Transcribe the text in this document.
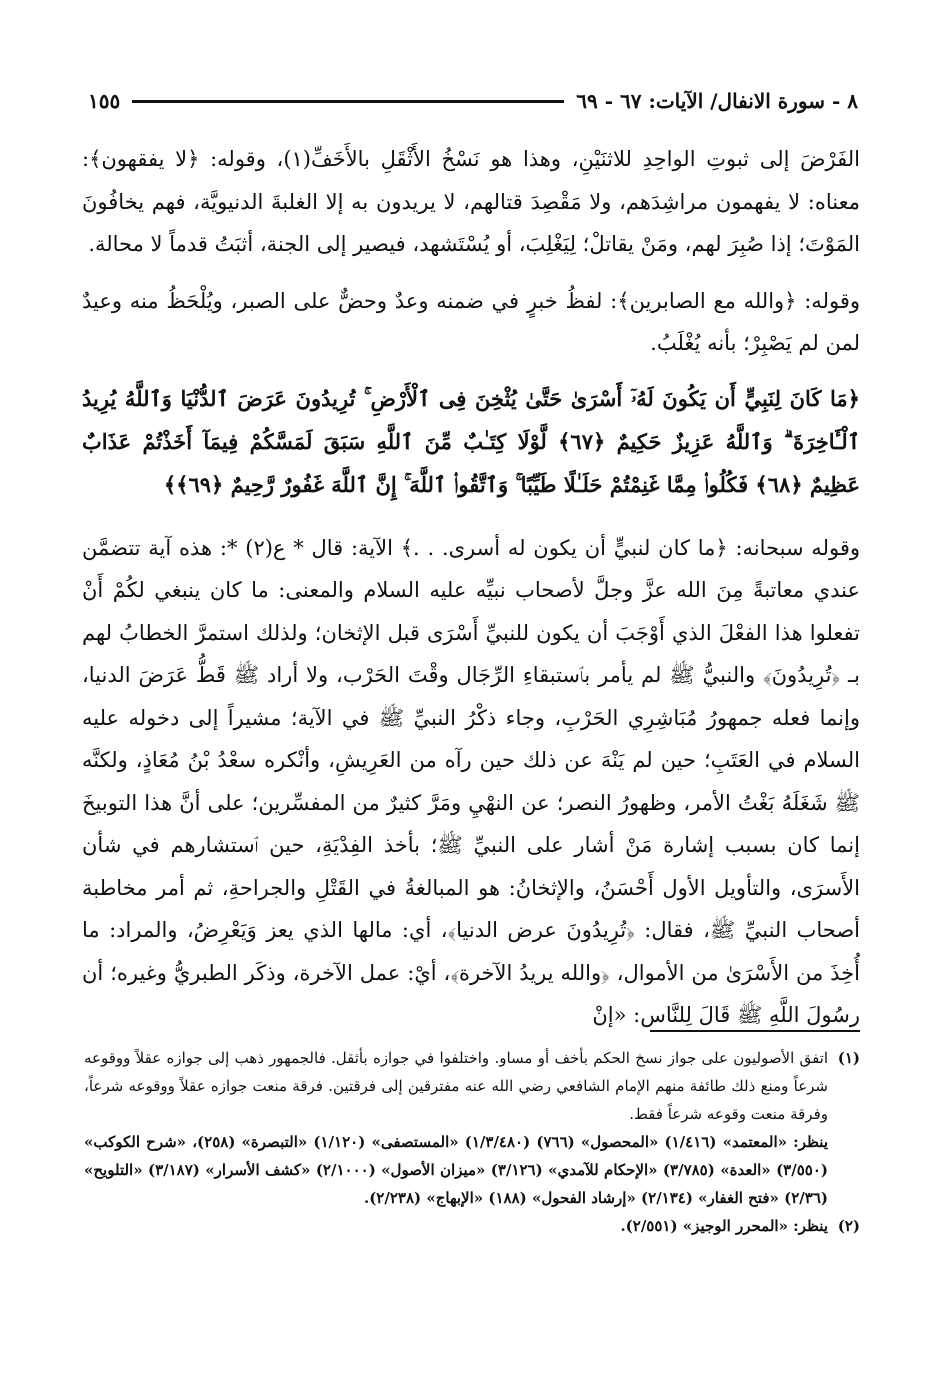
٨ - سورة الانفال/ الآيات: ٦٧ - ٦٩
١٥٥

الفَرْضَ إلى ثبوتِ الواحِدِ للاثنَيْنِ، وهذا هو نَسْخُ الأَثْقَلِ بالأَخَفِّ(١)، وقوله: ﴿لا يفقهون﴾: معناه: لا يفهمون مراشِدَهم، ولا مَقْصِدَ قتالهم، لا يريدون به إلا الغلبةَ الدنيويَّة، فهم يخافُونَ المَوْتَ؛ إذا صُبِرَ لهم، ومَنْ يقاتلْ؛ لِيَغْلِبَ، أو يُسْتَشهد، فيصير إلى الجنة، أثبَتُ قدماً لا محالة.

وقوله: ﴿والله مع الصابرين﴾: لفظُ خبرٍ في ضمنه وعدٌ وحضٌّ على الصبر، ويُلْحَظُ منه وعيدٌ لمن لم يَصْبِرْ؛ بأنه يُغْلَبُ.

﴿مَا كَانَ لِنَبِيٍّ أَن يَكُونَ لَهُۥٓ أَسْرَىٰ حَتَّىٰ يُثْخِنَ فِى ٱلْأَرْضِ ۚ تُرِيدُونَ عَرَضَ ٱلدُّنْيَا وَٱللَّهُ يُرِيدُ ٱلْـَٔاخِرَةَ ۗ وَٱللَّهُ عَزِيزٌ حَكِيمٌ ﴿٦٧﴾ لَّوْلَا كِتَـٰبٌ مِّنَ ٱللَّهِ سَبَقَ لَمَسَّكُمْ فِيمَآ أَخَذْتُمْ عَذَابٌ عَظِيمٌ ﴿٦٨﴾ فَكُلُوا۟ مِمَّا غَنِمْتُمْ حَلَـٰلًا طَيِّبًا ۚ وَٱتَّقُوا۟ ٱللَّهَ ۚ إِنَّ ٱللَّهَ غَفُورٌ رَّحِيمٌ ﴿٦٩﴾﴾

وقوله سبحانه: ﴿ما كان لنبيٍّ أن يكون له أسرى. . .﴾ الآية: قال * ع(٢) *: هذه آية تتضمَّن عندي معاتبةً مِنَ الله عزَّ وجلَّ لأصحاب نبيِّه عليه السلام والمعنى: ما كان ينبغي لكُمْ أَنْ تفعلوا هذا الفعْلَ الذي أَوْجَبَ أن يكون للنبيِّ أَسْرَى قبل الإثخان؛ ولذلك استمرَّ الخطابُ لهم بـ ﴿تُرِيدُونَ﴾ والنبيُّ ﷺ لم يأمر بٱستبقاءِ الرِّجَال وقْتَ الحَرْب، ولا أراد ﷺ قَطُّ عَرَضَ الدنيا، وإنما فعله جمهورُ مُبَاشِرِي الحَرْبِ، وجاء ذكْرُ النبيِّ ﷺ في الآية؛ مشيراً إلى دخوله عليه السلام في العَتَبِ؛ حين لم يَنْهَ عن ذلك حين رآه من العَرِيشِ، وأنْكره سعْدُ بْنُ مُعَاذٍ، ولكنَّه ﷺ شَغَلَهُ بَغْتُ الأمر، وظهورُ النصر؛ عن النهْيِ ومَرَّ كثيرٌ من المفسِّرين؛ على أنَّ هذا التوبيخَ إنما كان بسبب إشارة مَنْ أشار على النبيِّ ﷺ؛ بأخذ الفِدْيَةِ، حين ٱستشارهم في شأن الأَسرَى، والتأويل الأول أَحْسَنُ، والإثخانُ: هو المبالغةُ في القَتْلِ والجراحةِ، ثم أمر مخاطبة أصحاب النبيِّ ﷺ، فقال: ﴿تُرِيدُونَ عرض الدنيا﴾، أي: مالها الذي يعز وَيَعْرِضُ، والمراد: ما أُخِذَ من الأَسْرَىٰ من الأموال، ﴿والله يريدُ الآخرة﴾، أيْ: عمل الآخرة، وذكَر الطبريُّ وغيره؛ أن رسُولَ اللَّهِ ﷺ قَالَ لِلنَّاس: «إنْ

(١)

اتفق الأصوليون على جواز نسخ الحكم بأخف أو مساو. واختلفوا في جوازه بأثقل. فالجمهور ذهب إلى جوازه عقلاً ووقوعه شرعاً ومنع ذلك طائفة منهم الإمام الشافعي رضي الله عنه مفترقين إلى فرقتين. فرقة منعت جوازه عقلاً ووقوعه شرعاً، وفرقة منعت وقوعه شرعاً فقط.

ينظر: «المعتمد» (١/٤١٦) «المحصول» (٧٦٦) (١/٣/٤٨٠) «المستصفى» (١/١٢٠) «التبصرة» (٢٥٨)، «شرح الكوكب» (٣/٥٥٠) «العدة» (٣/٧٨٥) «الإحكام للآمدي» (٣/١٢٦) «ميزان الأصول» (٢/١٠٠٠) «كشف الأسرار» (٣/١٨٧) «التلويح» (٢/٣٦) «فتح الغفار» (٢/١٣٤) «إرشاد الفحول» (١٨٨) «الإبهاج» (٢/٢٣٨).

(٢)

ينظر: «المحرر الوجيز» (٢/٥٥١).
